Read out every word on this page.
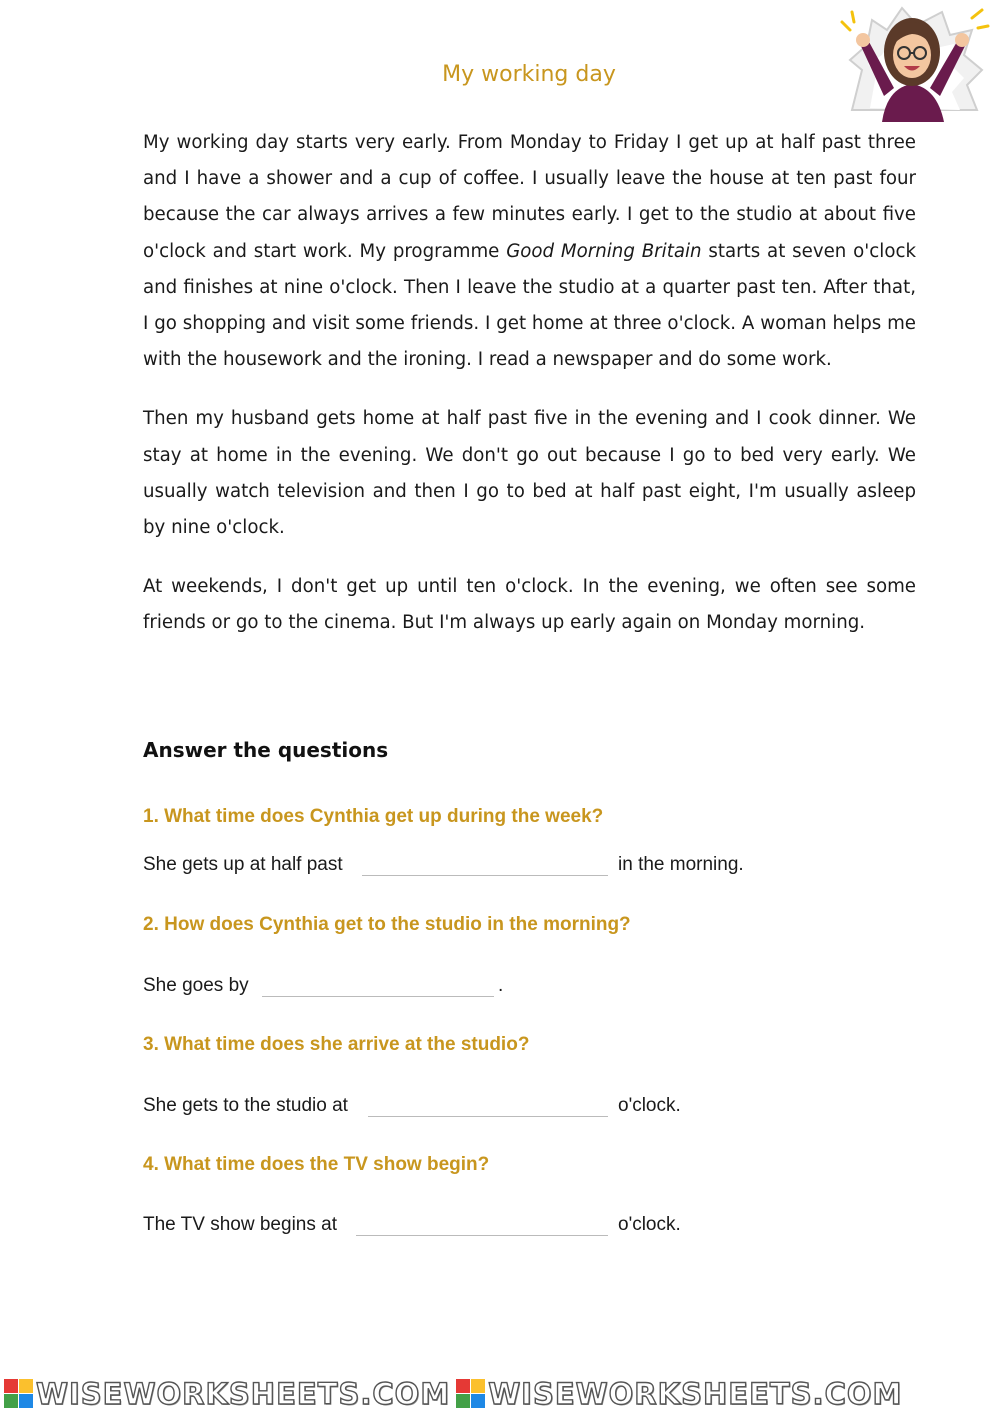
My working day

My working day starts very early. From Monday to Friday I get up at half past three and I have a shower and a cup of coffee. I usually leave the house at ten past four because the car always arrives a few minutes early. I get to the studio at about five o'clock and start work. My programme Good Morning Britain starts at seven o'clock and finishes at nine o'clock. Then I leave the studio at a quarter past ten. After that, I go shopping and visit some friends. I get home at three o'clock. A woman helps me with the housework and the ironing. I read a newspaper and do some work.

Then my husband gets home at half past five in the evening and I cook dinner. We stay at home in the evening. We don't go out because I go to bed very early. We usually watch television and then I go to bed at half past eight, I'm usually asleep by nine o'clock.

At weekends, I don't get up until ten o'clock. In the evening, we often see some friends or go to the cinema. But I'm always up early again on Monday morning.

Answer the questions
1. What time does Cynthia get up during the week?
She gets up at half past	in the morning.
2. How does Cynthia get to the studio in the morning?
She goes by	.
3. What time does she arrive at the studio?
She gets to the studio at	o'clock.
4. What time does the TV show begin?
The TV show begins at	o'clock.
WISEWORKSHEETS.COM WISEWORKSHEETS.COM
